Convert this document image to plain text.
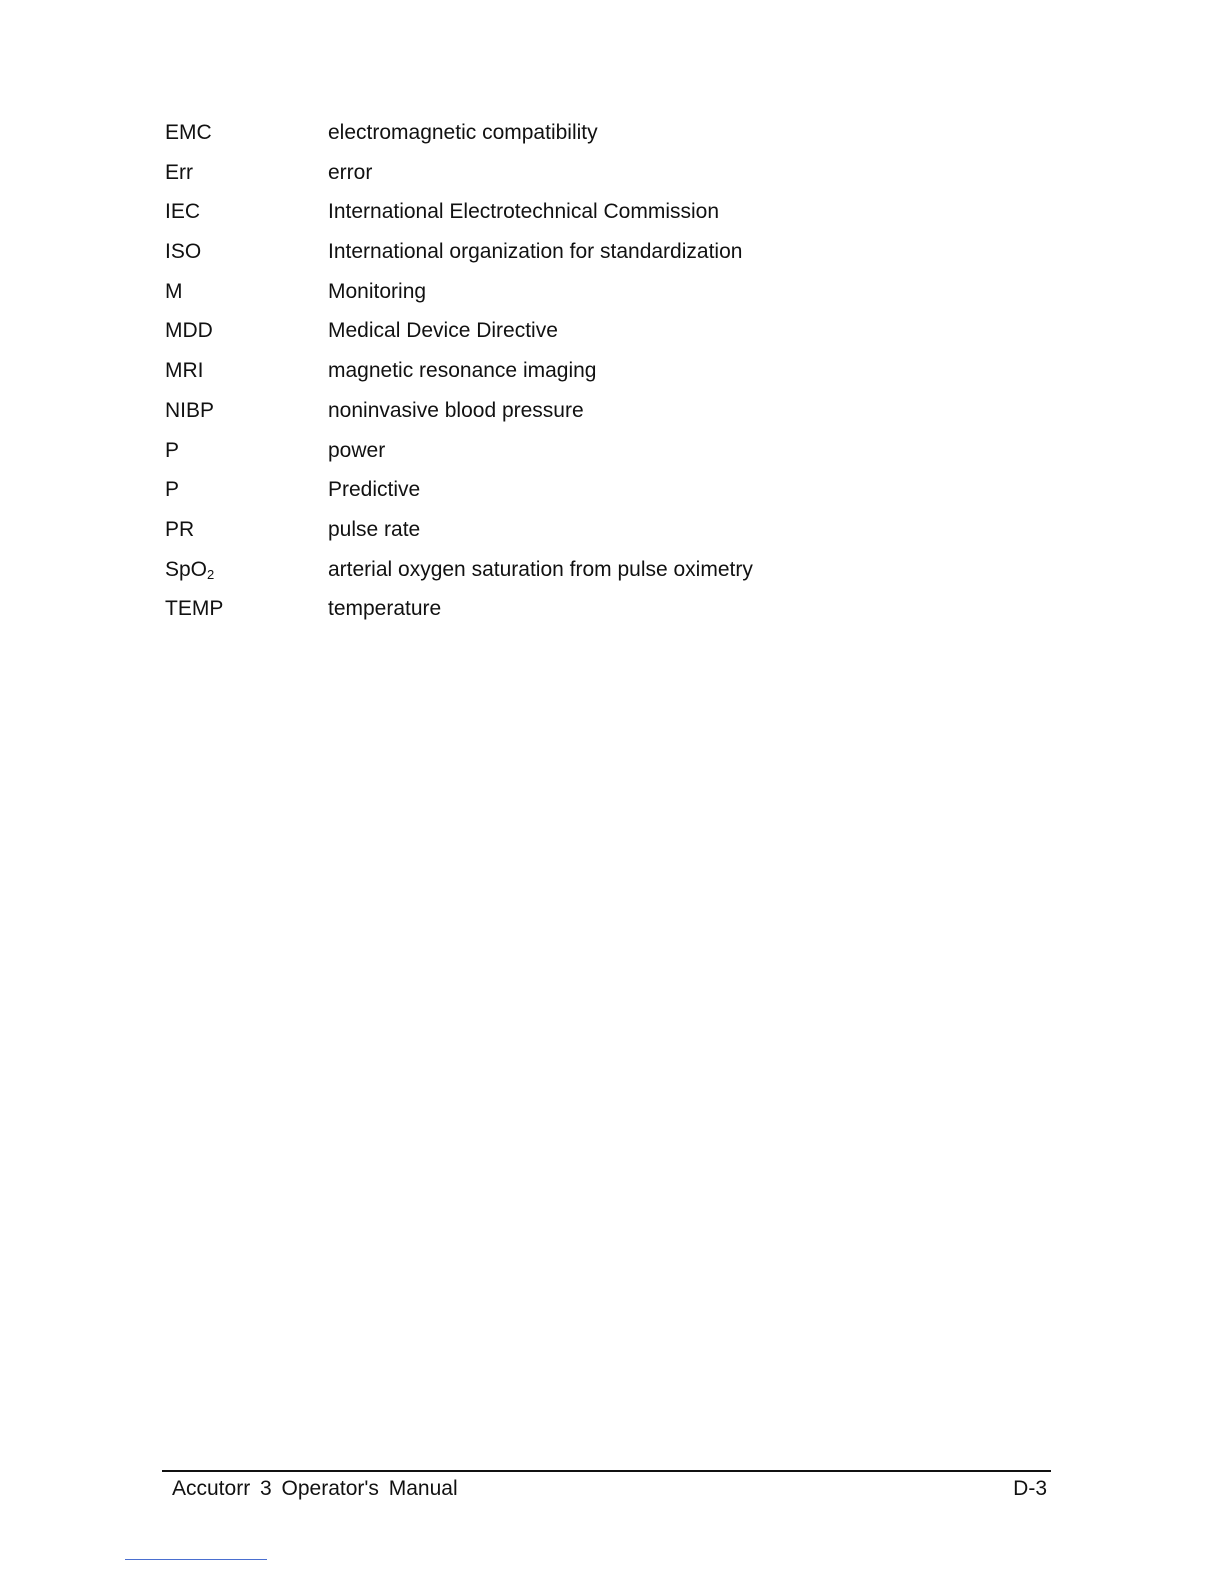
EMC	electromagnetic compatibility
Err	error
IEC	International Electrotechnical Commission
ISO	International organization for standardization
M	Monitoring
MDD	Medical Device Directive
MRI	magnetic resonance imaging
NIBP	noninvasive blood pressure
P	power
P	Predictive
PR	pulse rate
SpO$_2$	arterial oxygen saturation from pulse oximetry
TEMP	temperature
Accutorr 3 Operator's Manual	D-3
